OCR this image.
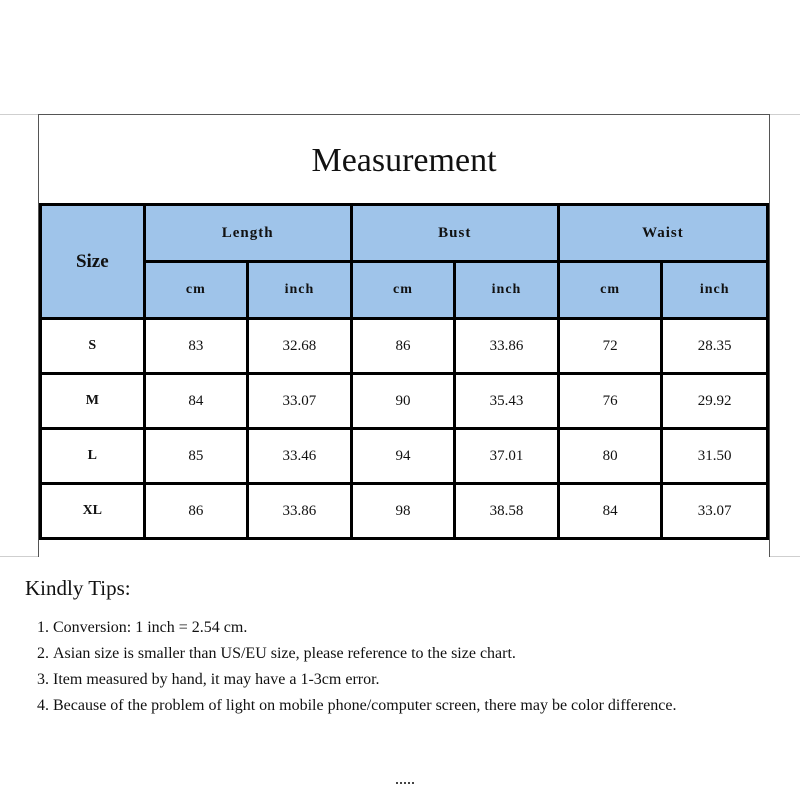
Measurement
Size	Length		Bust		Waist	
	cm	inch	cm	inch	cm	inch
S	83	32.68	86	33.86	72	28.35
M	84	33.07	90	35.43	76	29.92
L	85	33.46	94	37.01	80	31.50
XL	86	33.86	98	38.58	84	33.07
Kindly Tips:
1. Conversion: 1 inch = 2.54 cm.
2. Asian size is smaller than US/EU size, please reference to the size chart.
3. Item measured by hand, it may have a 1-3cm error.
4. Because of the problem of light on mobile phone/computer screen, there may be color difference.
